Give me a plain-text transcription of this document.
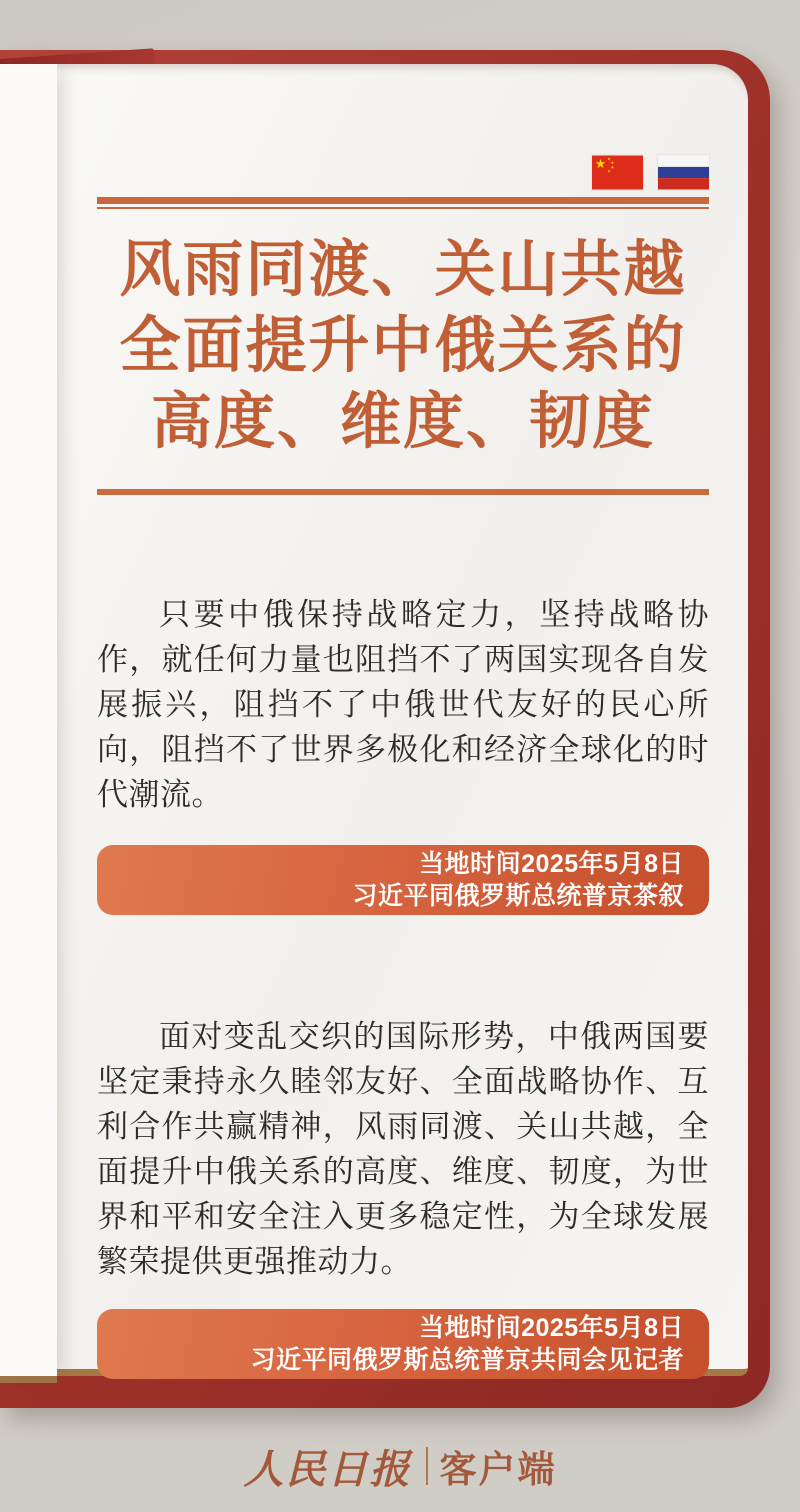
风雨同渡、关山共越
全面提升中俄关系的
高度、维度、韧度

只要中俄保持战略定力，坚持战略协作，就任何力量也阻挡不了两国实现各自发展振兴，阻挡不了中俄世代友好的民心所向，阻挡不了世界多极化和经济全球化的时代潮流。

当地时间2025年5月8日
习近平同俄罗斯总统普京茶叙

面对变乱交织的国际形势，中俄两国要坚定秉持永久睦邻友好、全面战略协作、互利合作共赢精神，风雨同渡、关山共越，全面提升中俄关系的高度、维度、韧度，为世界和平和安全注入更多稳定性，为全球发展繁荣提供更强推动力。

当地时间2025年5月8日
习近平同俄罗斯总统普京共同会见记者
人民日报 客户端
